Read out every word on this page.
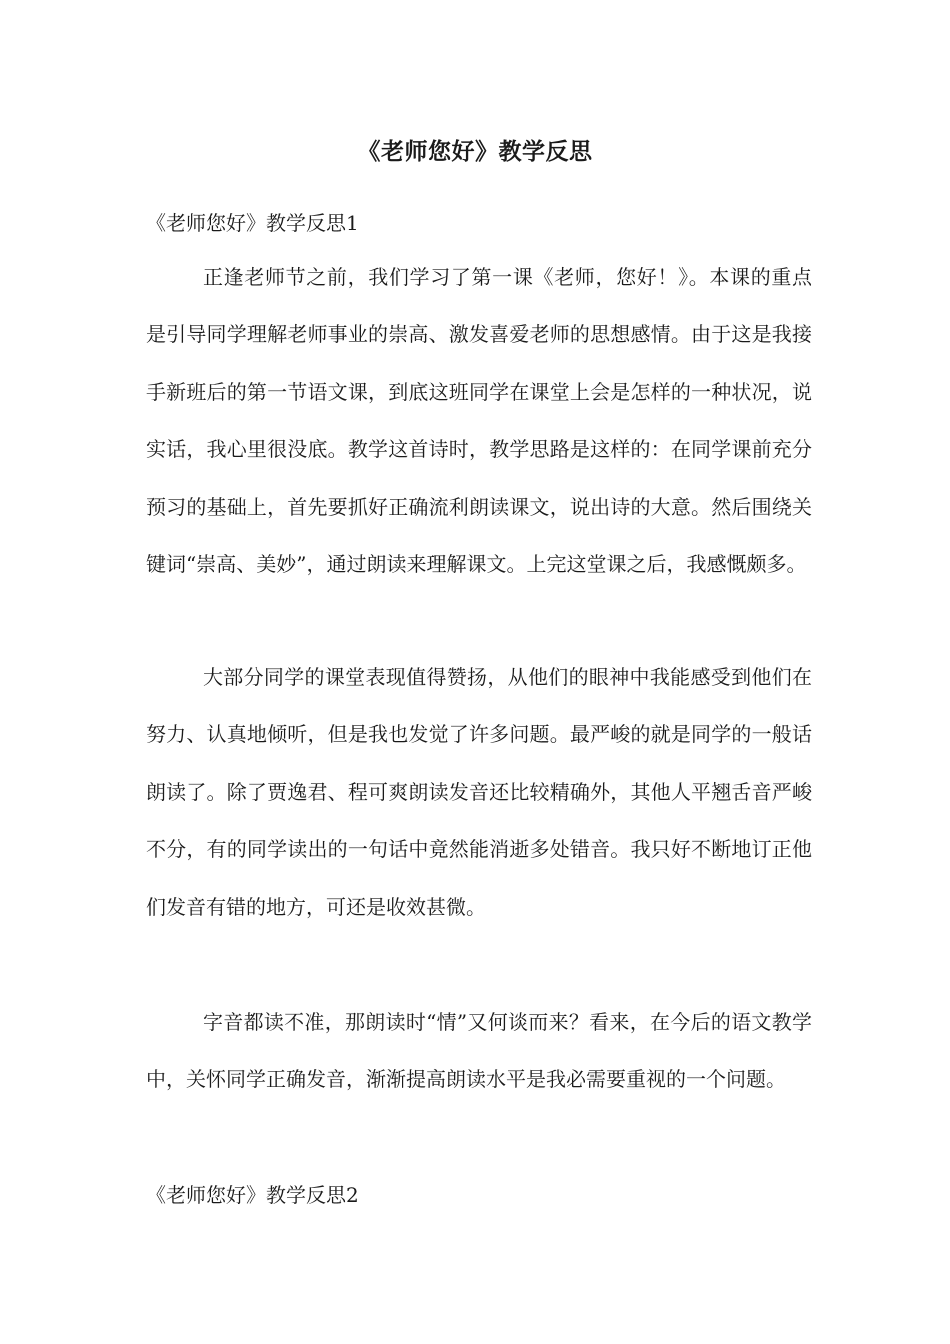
《老师您好》教学反思
《老师您好》教学反思1

正逢老师节之前，我们学习了第一课《老师，您好！》。本课的重点是引导同学理解老师事业的崇高、激发喜爱老师的思想感情。由于这是我接手新班后的第一节语文课，到底这班同学在课堂上会是怎样的一种状况，说实话，我心里很没底。教学这首诗时，教学思路是这样的：在同学课前充分预习的基础上，首先要抓好正确流利朗读课文，说出诗的大意。然后围绕关键词“崇高、美妙”，通过朗读来理解课文。上完这堂课之后，我感慨颇多。

大部分同学的课堂表现值得赞扬，从他们的眼神中我能感受到他们在努力、认真地倾听，但是我也发觉了许多问题。最严峻的就是同学的一般话朗读了。除了贾逸君、程可爽朗读发音还比较精确外，其他人平翘舌音严峻不分，有的同学读出的一句话中竟然能消逝多处错音。我只好不断地订正他们发音有错的地方，可还是收效甚微。

字音都读不准，那朗读时“情”又何谈而来？看来，在今后的语文教学中，关怀同学正确发音，渐渐提高朗读水平是我必需要重视的一个问题。

《老师您好》教学反思2
